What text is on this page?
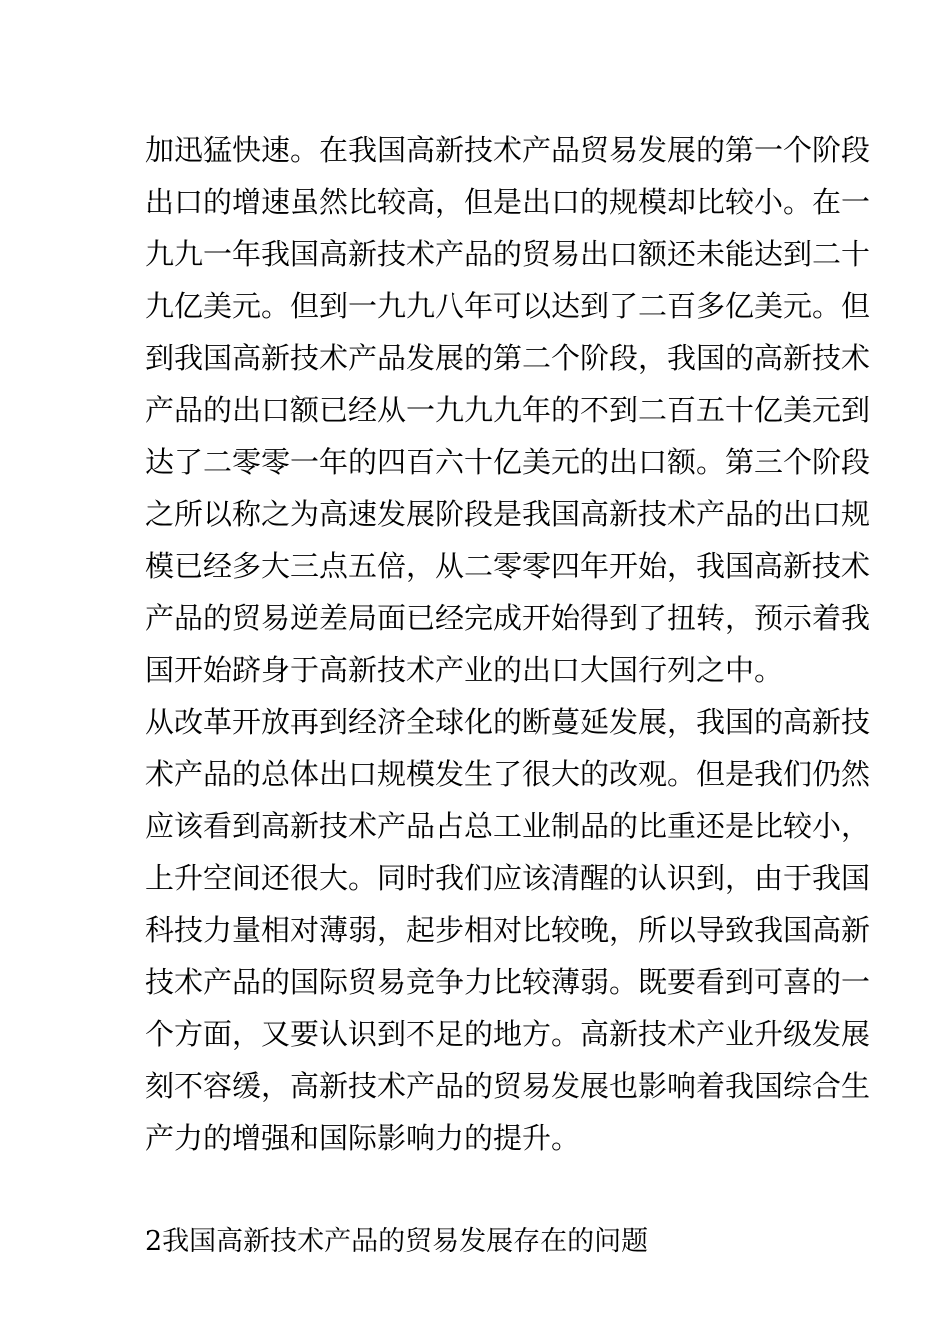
加迅猛快速。在我国高新技术产品贸易发展的第一个阶段
出口的增速虽然比较高，但是出口的规模却比较小。在一
九九一年我国高新技术产品的贸易出口额还未能达到二十
九亿美元。但到一九九八年可以达到了二百多亿美元。但
到我国高新技术产品发展的第二个阶段，我国的高新技术
产品的出口额已经从一九九九年的不到二百五十亿美元到
达了二零零一年的四百六十亿美元的出口额。第三个阶段
之所以称之为高速发展阶段是我国高新技术产品的出口规
模已经多大三点五倍，从二零零四年开始，我国高新技术
产品的贸易逆差局面已经完成开始得到了扭转，预示着我
国开始跻身于高新技术产业的出口大国行列之中。
从改革开放再到经济全球化的断蔓延发展，我国的高新技
术产品的总体出口规模发生了很大的改观。但是我们仍然
应该看到高新技术产品占总工业制品的比重还是比较小，
上升空间还很大。同时我们应该清醒的认识到，由于我国
科技力量相对薄弱，起步相对比较晚，所以导致我国高新
技术产品的国际贸易竞争力比较薄弱。既要看到可喜的一
个方面，又要认识到不足的地方。高新技术产业升级发展
刻不容缓，高新技术产品的贸易发展也影响着我国综合生
产力的增强和国际影响力的提升。
2我国高新技术产品的贸易发展存在的问题
